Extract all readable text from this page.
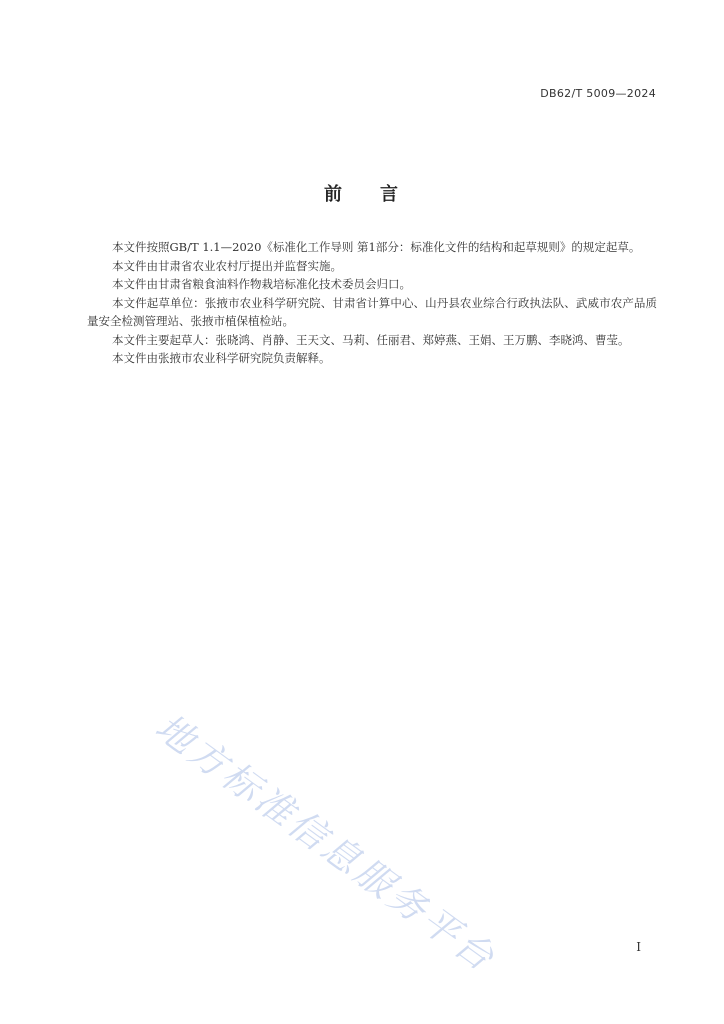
DB62/T 5009—2024
前 言

本文件按照GB/T 1.1—2020《标准化工作导则 第1部分：标准化文件的结构和起草规则》的规定起草。

本文件由甘肃省农业农村厅提出并监督实施。

本文件由甘肃省粮食油料作物栽培标准化技术委员会归口。

本文件起草单位：张掖市农业科学研究院、甘肃省计算中心、山丹县农业综合行政执法队、武威市农产品质量安全检测管理站、张掖市植保植检站。

本文件主要起草人：张晓鸿、肖静、王天文、马莉、任丽君、郑婷燕、王娟、王万鹏、李晓鸿、曹莹。

本文件由张掖市农业科学研究院负责解释。

地方标准信息服务平台	I
